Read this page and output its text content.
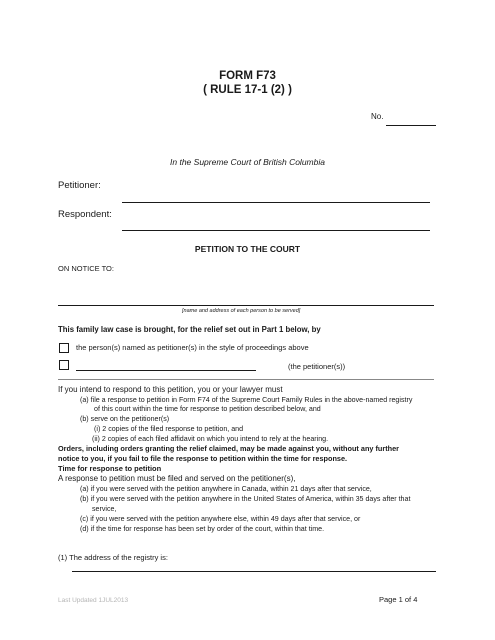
FORM F73
( RULE 17-1 (2) )
No.
In the Supreme Court of British Columbia
Petitioner:
Respondent:
PETITION TO THE COURT
ON NOTICE TO:
[name and address of each person to be served]
This family law case is brought, for the relief set out in Part 1 below, by
the person(s) named as petitioner(s) in the style of proceedings above
(the petitioner(s))
If you intend to respond to this petition, you or your lawyer must
(a) file a response to petition in Form F74 of the Supreme Court Family Rules in the above-named registry
of this court within the time for response to petition described below, and
(b) serve on the petitioner(s)
(i) 2 copies of the filed response to petition, and
(ii) 2 copies of each filed affidavit on which you intend to rely at the hearing.
Orders, including orders granting the relief claimed, may be made against you, without any further
notice to you, if you fail to file the response to petition within the time for response.
Time for response to petition
A response to petition must be filed and served on the petitioner(s),
(a) if you were served with the petition anywhere in Canada, within 21 days after that service,
(b) if you were served with the petition anywhere in the United States of America, within 35 days after that
service,
(c) if you were served with the petition anywhere else, within 49 days after that service, or
(d) if the time for response has been set by order of the court, within that time.
(1) The address of the registry is:
Last Updated 1JUL2013	Page 1 of 4
